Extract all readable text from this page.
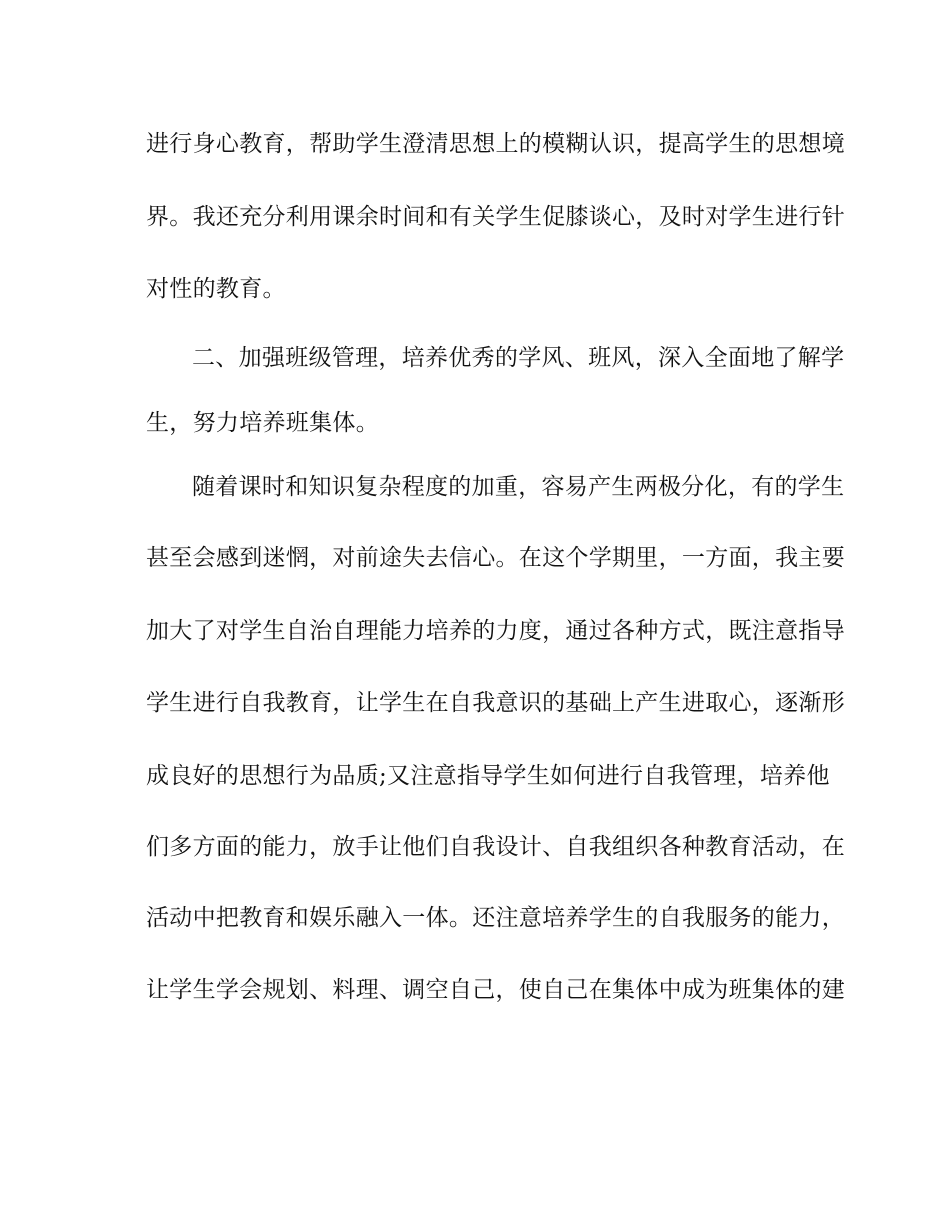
进行身心教育，帮助学生澄清思想上的模糊认识，提高学生的思想境
界。我还充分利用课余时间和有关学生促膝谈心，及时对学生进行针
对性的教育。
二、加强班级管理，培养优秀的学风、班风，深入全面地了解学
生，努力培养班集体。
随着课时和知识复杂程度的加重，容易产生两极分化，有的学生
甚至会感到迷惘，对前途失去信心。在这个学期里，一方面，我主要
加大了对学生自治自理能力培养的力度，通过各种方式，既注意指导
学生进行自我教育，让学生在自我意识的基础上产生进取心，逐渐形
成良好的思想行为品质;又注意指导学生如何进行自我管理，培养他
们多方面的能力，放手让他们自我设计、自我组织各种教育活动，在
活动中把教育和娱乐融入一体。还注意培养学生的自我服务的能力，
让学生学会规划、料理、调空自己，使自己在集体中成为班集体的建
